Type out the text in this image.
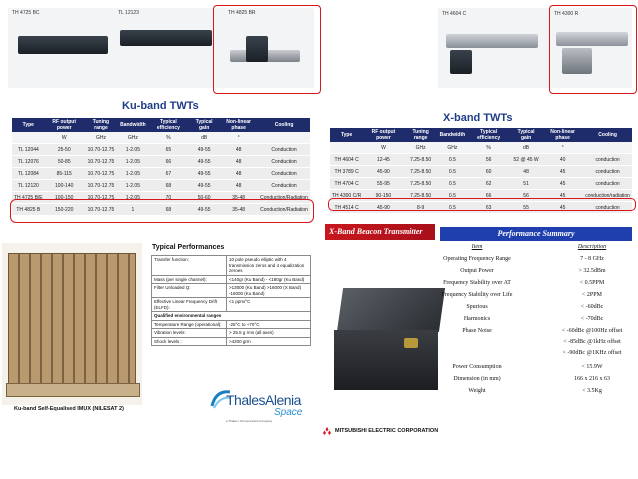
TH 4725 BC	TL 12123	TH 4825 BR
Ku-band TWTs
Type	RF output power	Tuning range	Bandwidth	Typical efficiency	Typical gain	Non-linear phase	Cooling
	W	GHz	GHz	%	dB	°	
TL 12044	25-50	10.70-12.75	1-2.05	65	49-55	48	Conduction
TL 12076	50-85	10.70-12.75	1-2.05	66	49-55	48	Conduction
TL 12084	85-115	10.70-12.75	1-2.05	67	49-55	48	Conduction
TL 12120	100-140	10.70-12.75	1-2.05	68	49-55	48	Conduction
TH 4725 B/E	100-150	10.70-12.75	1-2.05	70	50-60	35-48	Conduction/Radiation
TH 4825 B	150-220	10.70-12.75	1	68	49-55	35-48	Conduction/Radiation
TH 4604 C	TH 4300 R
X-band TWTs
Type	RF output power	Tuning range	Bandwidth	Typical efficiency	Typical gain	Non-linear phase	Cooling
	W	GHz	GHz	%	dB	°	
TH 4604 C	12-45	7.25-8.50	0.5	56	52 @ 45 W	40	conduction
TH 3789 C	45-90	7.25-8.50	0.5	60	48	45	conduction
TH 4704 C	55-95	7.25-8.50	0.5	62	51	45	conduction
TH 4300 C/R	90-150	7.25-8.50	0.5	66	56	45	conduction/radiation
TH 4514 C	45-90	8-9	0.5	63	55	45	conduction
Ku-band Self-Equalised IMUX (NILESAT 2)
Typical Performances
Transfer function:	10 pole pseudo elliptic with 4 transmission zeros and 4 equalization zeroes
Mass (per single channel):	<140gr (Ku Band) - <180gr (Ku Band)
Filter Unloaded Q:	>13000 (Ku Band) >16000 (X Band) -16000 (Ku Band)
Effective Linear Frequency Drift (ELFD):	<1 ppm/°C
Qualified environmental ranges	
Temperature Range (operational):	-25°C to +70°C
Vibration levels:	> 25.5 g rms (all axes)
Shock levels :	>4200 grm
ThalesAlenia
Space
a Thales / Finmeccanica Company
X-Band Beacon Transmitter	Performance Summary
Item	Description
Operating Frequency Range	7 - 8 GHz
Output Power	> 32.5dBm
Frequency Stability over AT	< 0.5PPM
Frequency Stability over Life	< 2PPM
Spurious	< -60dBc
Harmonics	< -70dBc
Phase Noise	< -60dBc @100Hz offset
< -85dBc @1kHz offset
< -90dBc @1KHz offset
Power Consumption	< 15.9W
Dimension (in mm)	166 x 216 x 63
Weight	< 3.5Kg
MITSUBISHI ELECTRIC CORPORATION
